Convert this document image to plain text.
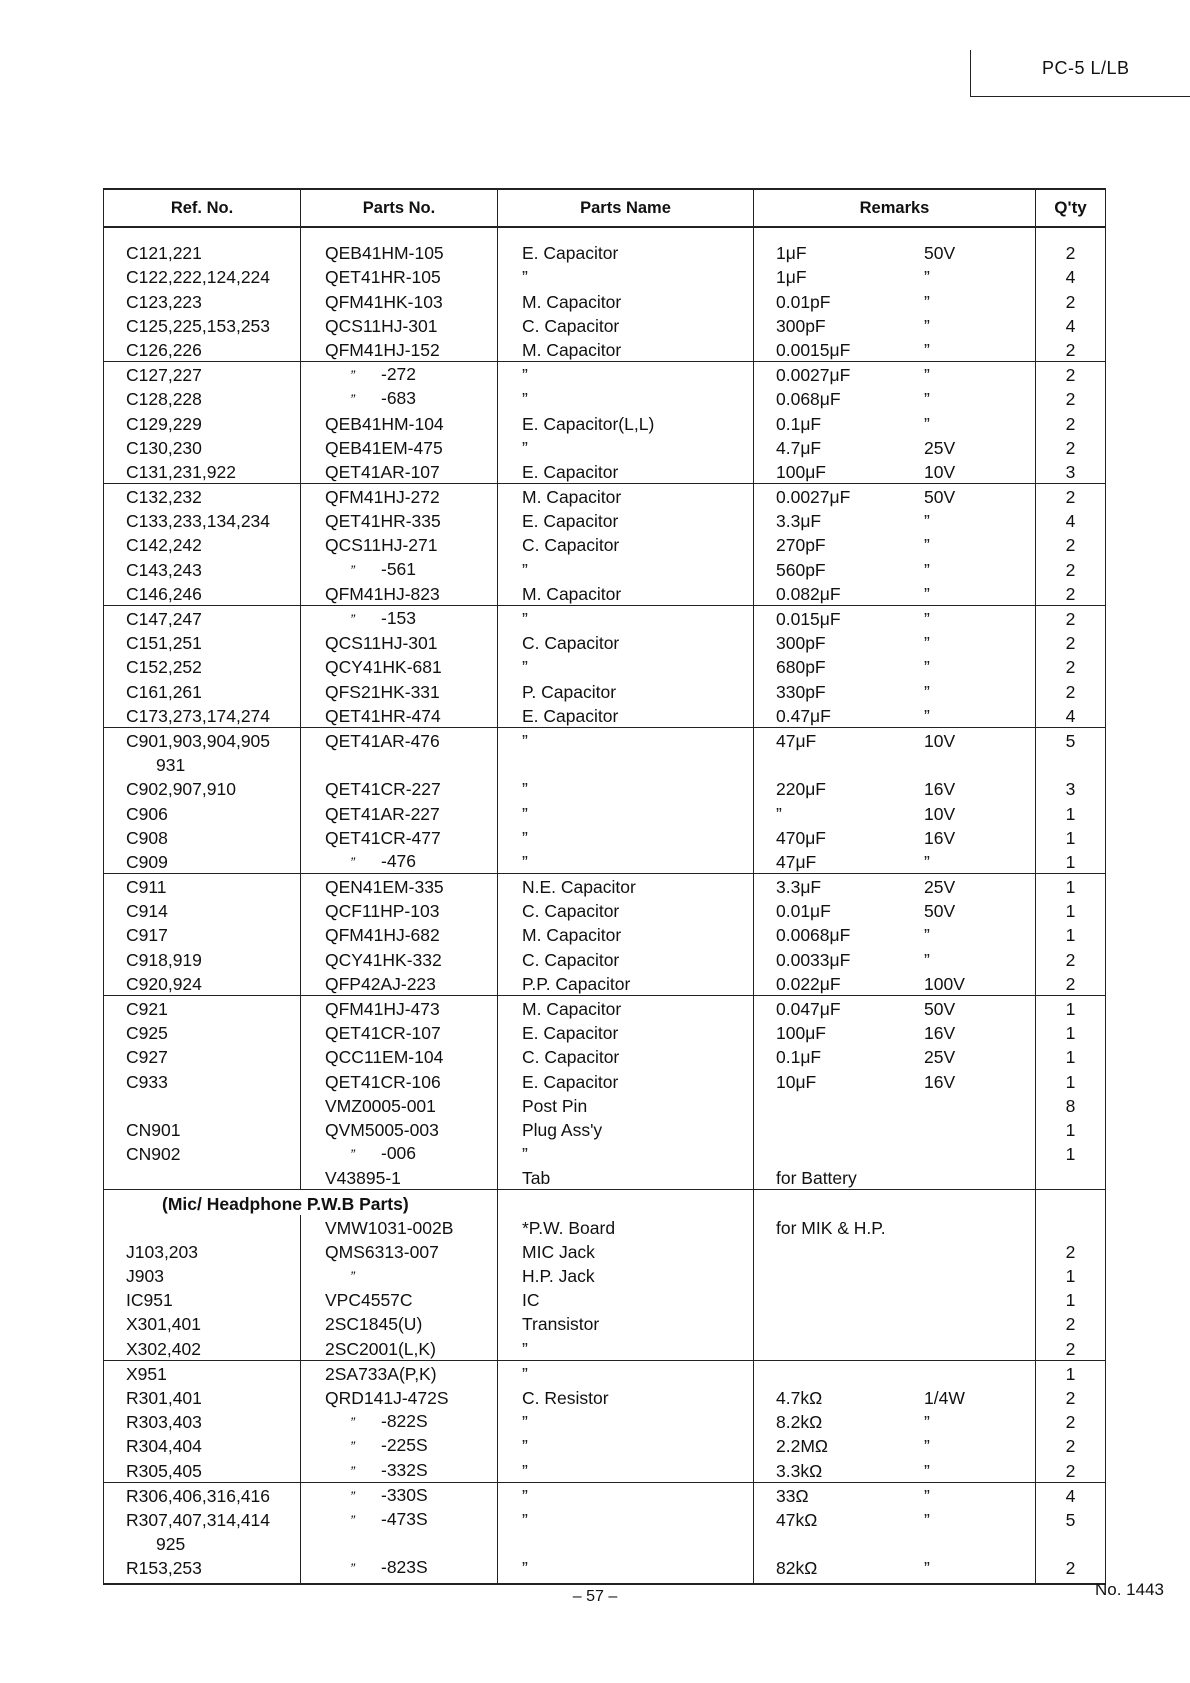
PC-5 L/LB
Ref. No.	Parts No.	Parts Name	Remarks	Q'ty

C121,221	QEB41HM-105	E. Capacitor	1μF 50V	2
C122,222,124,224	QET41HR-105	”	1μF ”	4
C123,223	QFM41HK-103	M. Capacitor	0.01pF ”	2
C125,225,153,253	QCS11HJ-301	C. Capacitor	300pF ”	4
C126,226	QFM41HJ-152	M. Capacitor	0.0015μF ”	2
C127,227	” -272	”	0.0027μF ”	2
C128,228	” -683	”	0.068μF ”	2
C129,229	QEB41HM-104	E. Capacitor(L,L)	0.1μF ”	2
C130,230	QEB41EM-475	”	4.7μF 25V	2
C131,231,922	QET41AR-107	E. Capacitor	100μF 10V	3
C132,232	QFM41HJ-272	M. Capacitor	0.0027μF 50V	2
C133,233,134,234	QET41HR-335	E. Capacitor	3.3μF ”	4
C142,242	QCS11HJ-271	C. Capacitor	270pF ”	2
C143,243	” -561	”	560pF ”	2
C146,246	QFM41HJ-823	M. Capacitor	0.082μF ”	2
C147,247	” -153	”	0.015μF ”	2
C151,251	QCS11HJ-301	C. Capacitor	300pF ”	2
C152,252	QCY41HK-681	”	680pF ”	2
C161,261	QFS21HK-331	P. Capacitor	330pF ”	2
C173,273,174,274	QET41HR-474	E. Capacitor	0.47μF ”	4
C901,903,904,905	QET41AR-476	”	47μF 10V	5
931				
C902,907,910	QET41CR-227	”	220μF 16V	3
C906	QET41AR-227	”	” 10V	1
C908	QET41CR-477	”	470μF 16V	1
C909	” -476	”	47μF ”	1
C911	QEN41EM-335	N.E. Capacitor	3.3μF 25V	1
C914	QCF11HP-103	C. Capacitor	0.01μF 50V	1
C917	QFM41HJ-682	M. Capacitor	0.0068μF ”	1
C918,919	QCY41HK-332	C. Capacitor	0.0033μF ”	2
C920,924	QFP42AJ-223	P.P. Capacitor	0.022μF 100V	2
C921	QFM41HJ-473	M. Capacitor	0.047μF 50V	1
C925	QET41CR-107	E. Capacitor	100μF 16V	1
C927	QCC11EM-104	C. Capacitor	0.1μF 25V	1
C933	QET41CR-106	E. Capacitor	10μF 16V	1
	VMZ0005-001	Post Pin		8
CN901	QVM5005-003	Plug Ass'y		1
CN902	” -006	”		1
	V43895-1	Tab	for Battery	
(Mic/ Headphone P.W.B Parts)				
	VMW1031-002B	*P.W. Board	for MIK & H.P.	
J103,203	QMS6313-007	MIC Jack		2
J903	”	H.P. Jack		1
IC951	VPC4557C	IC		1
X301,401	2SC1845(U)	Transistor		2
X302,402	2SC2001(L,K)	”		2
X951	2SA733A(P,K)	”		1
R301,401	QRD141J-472S	C. Resistor	4.7kΩ 1/4W	2
R303,403	” -822S	”	8.2kΩ ”	2
R304,404	” -225S	”	2.2MΩ ”	2
R305,405	” -332S	”	3.3kΩ ”	2
R306,406,316,416	” -330S	”	33Ω ”	4
R307,407,314,414	” -473S	”	47kΩ ”	5
925				
R153,253	” -823S	”	82kΩ ”	2
– 57 –	No. 1443
